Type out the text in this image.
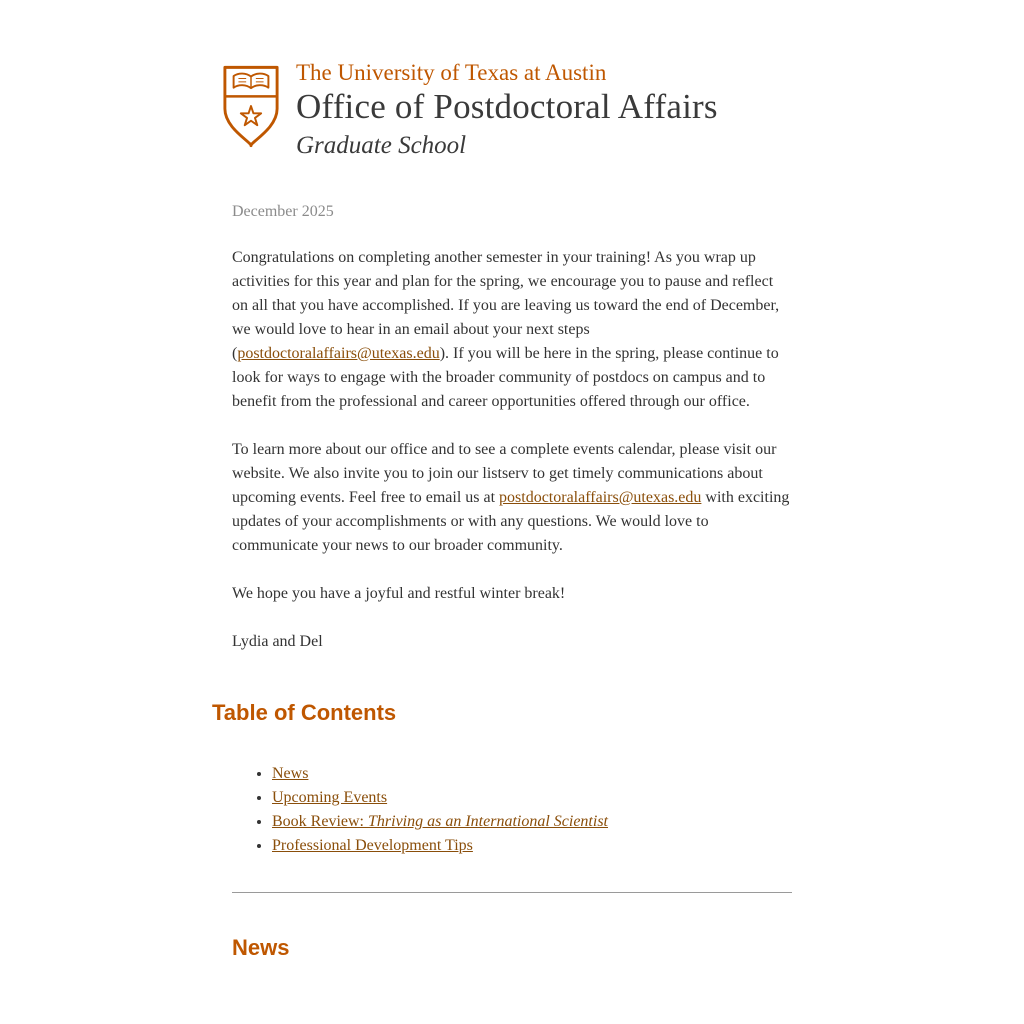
The University of Texas at Austin
Office of Postdoctoral Affairs
Graduate School
December 2025

Congratulations on completing another semester in your training! As you wrap up activities for this year and plan for the spring, we encourage you to pause and reflect on all that you have accomplished. If you are leaving us toward the end of December, we would love to hear in an email about your next steps (postdoctoralaffairs@utexas.edu). If you will be here in the spring, please continue to look for ways to engage with the broader community of postdocs on campus and to benefit from the professional and career opportunities offered through our office.

To learn more about our office and to see a complete events calendar, please visit our website. We also invite you to join our listserv to get timely communications about upcoming events. Feel free to email us at postdoctoralaffairs@utexas.edu with exciting updates of your accomplishments or with any questions. We would love to communicate your news to our broader community.

We hope you have a joyful and restful winter break!

Lydia and Del

Table of Contents
• News
• Upcoming Events
• Book Review: Thriving as an International Scientist
• Professional Development Tips
News
